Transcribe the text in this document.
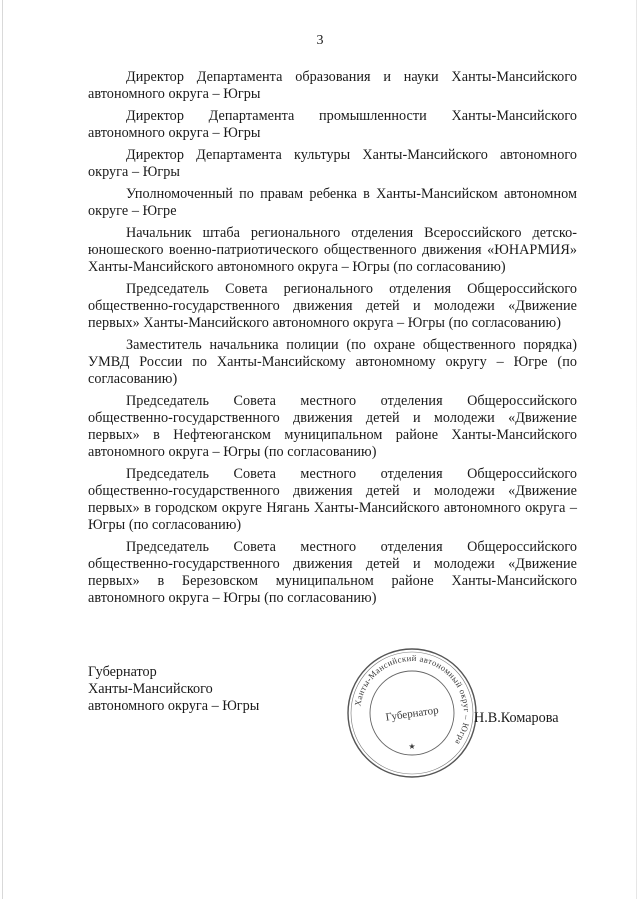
3

Директор Департамента образования и науки Ханты-Мансийского автономного округа – Югры

Директор Департамента промышленности Ханты-Мансийского автономного округа – Югры

Директор Департамента культуры Ханты-Мансийского автономного округа – Югры

Уполномоченный по правам ребенка в Ханты-Мансийском автономном округе – Югре

Начальник штаба регионального отделения Всероссийского детско-юношеского военно-патриотического общественного движения «ЮНАРМИЯ» Ханты-Мансийского автономного округа – Югры (по согласованию)

Председатель Совета регионального отделения Общероссийского общественно-государственного движения детей и молодежи «Движение первых» Ханты-Мансийского автономного округа – Югры (по согласованию)

Заместитель начальника полиции (по охране общественного порядка) УМВД России по Ханты-Мансийскому автономному округу – Югре (по согласованию)

Председатель Совета местного отделения Общероссийского общественно-государственного движения детей и молодежи «Движение первых» в Нефтеюганском муниципальном районе Ханты-Мансийского автономного округа – Югры (по согласованию)

Председатель Совета местного отделения Общероссийского общественно-государственного движения детей и молодежи «Движение первых» в городском округе Нягань Ханты-Мансийского автономного округа – Югры (по согласованию)

Председатель Совета местного отделения Общероссийского общественно-государственного движения детей и молодежи «Движение первых» в Березовском муниципальном районе Ханты-Мансийского автономного округа – Югры (по согласованию)

Губернатор
Ханты-Мансийского
автономного округа – Югры	Ханты-Мансийский автономный округ – Югра
Губернатор
★
Н.В.Комарова
